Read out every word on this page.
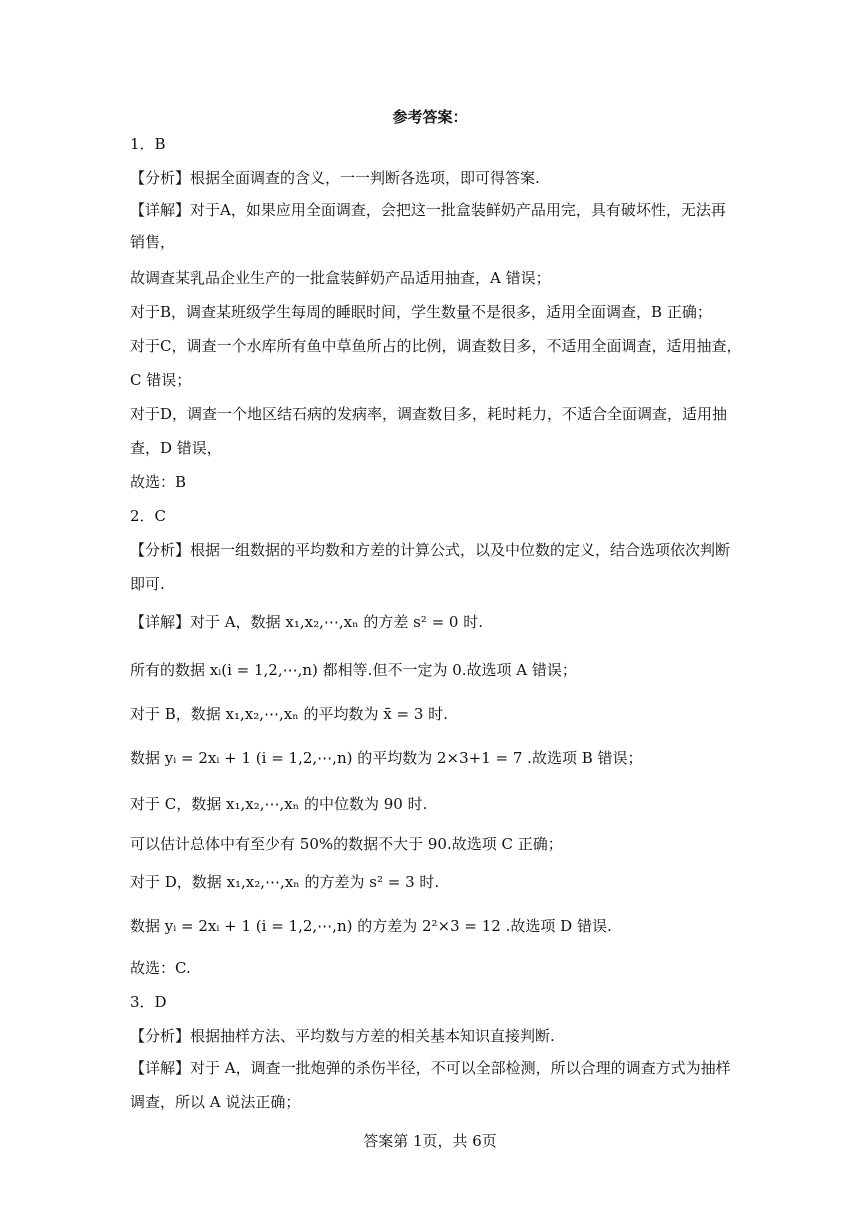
参考答案：
1．B
【分析】根据全面调查的含义，一一判断各选项，即可得答案.
【详解】对于A，如果应用全面调查，会把这一批盒装鲜奶产品用完，具有破坏性，无法再
销售，
故调查某乳品企业生产的一批盒装鲜奶产品适用抽查，A 错误；
对于B，调查某班级学生每周的睡眠时间，学生数量不是很多，适用全面调查，B 正确；
对于C，调查一个水库所有鱼中草鱼所占的比例，调查数目多，不适用全面调查，适用抽查，
C 错误；
对于D，调查一个地区结石病的发病率，调查数目多，耗时耗力，不适合全面调查，适用抽
查，D 错误，
故选：B
2．C
【分析】根据一组数据的平均数和方差的计算公式，以及中位数的定义，结合选项依次判断
即可.
【详解】对于 A，数据 x₁,x₂,⋯,xₙ 的方差 s² = 0 时.
所有的数据 xᵢ(i = 1,2,⋯,n) 都相等.但不一定为 0.故选项 A 错误；
对于 B，数据 x₁,x₂,⋯,xₙ 的平均数为 x̄ = 3 时.
数据 yᵢ = 2xᵢ + 1 (i = 1,2,⋯,n) 的平均数为 2×3+1 = 7 .故选项 B 错误；
对于 C，数据 x₁,x₂,⋯,xₙ 的中位数为 90 时.
可以估计总体中有至少有 50%的数据不大于 90.故选项 C 正确；
对于 D，数据 x₁,x₂,⋯,xₙ 的方差为 s² = 3 时.
数据 yᵢ = 2xᵢ + 1 (i = 1,2,⋯,n) 的方差为 2²×3 = 12 .故选项 D 错误.
故选：C.
3．D
【分析】根据抽样方法、平均数与方差的相关基本知识直接判断.
【详解】对于 A，调查一批炮弹的杀伤半径，不可以全部检测，所以合理的调查方式为抽样
调查，所以 A 说法正确；
答案第 1页，共 6页
